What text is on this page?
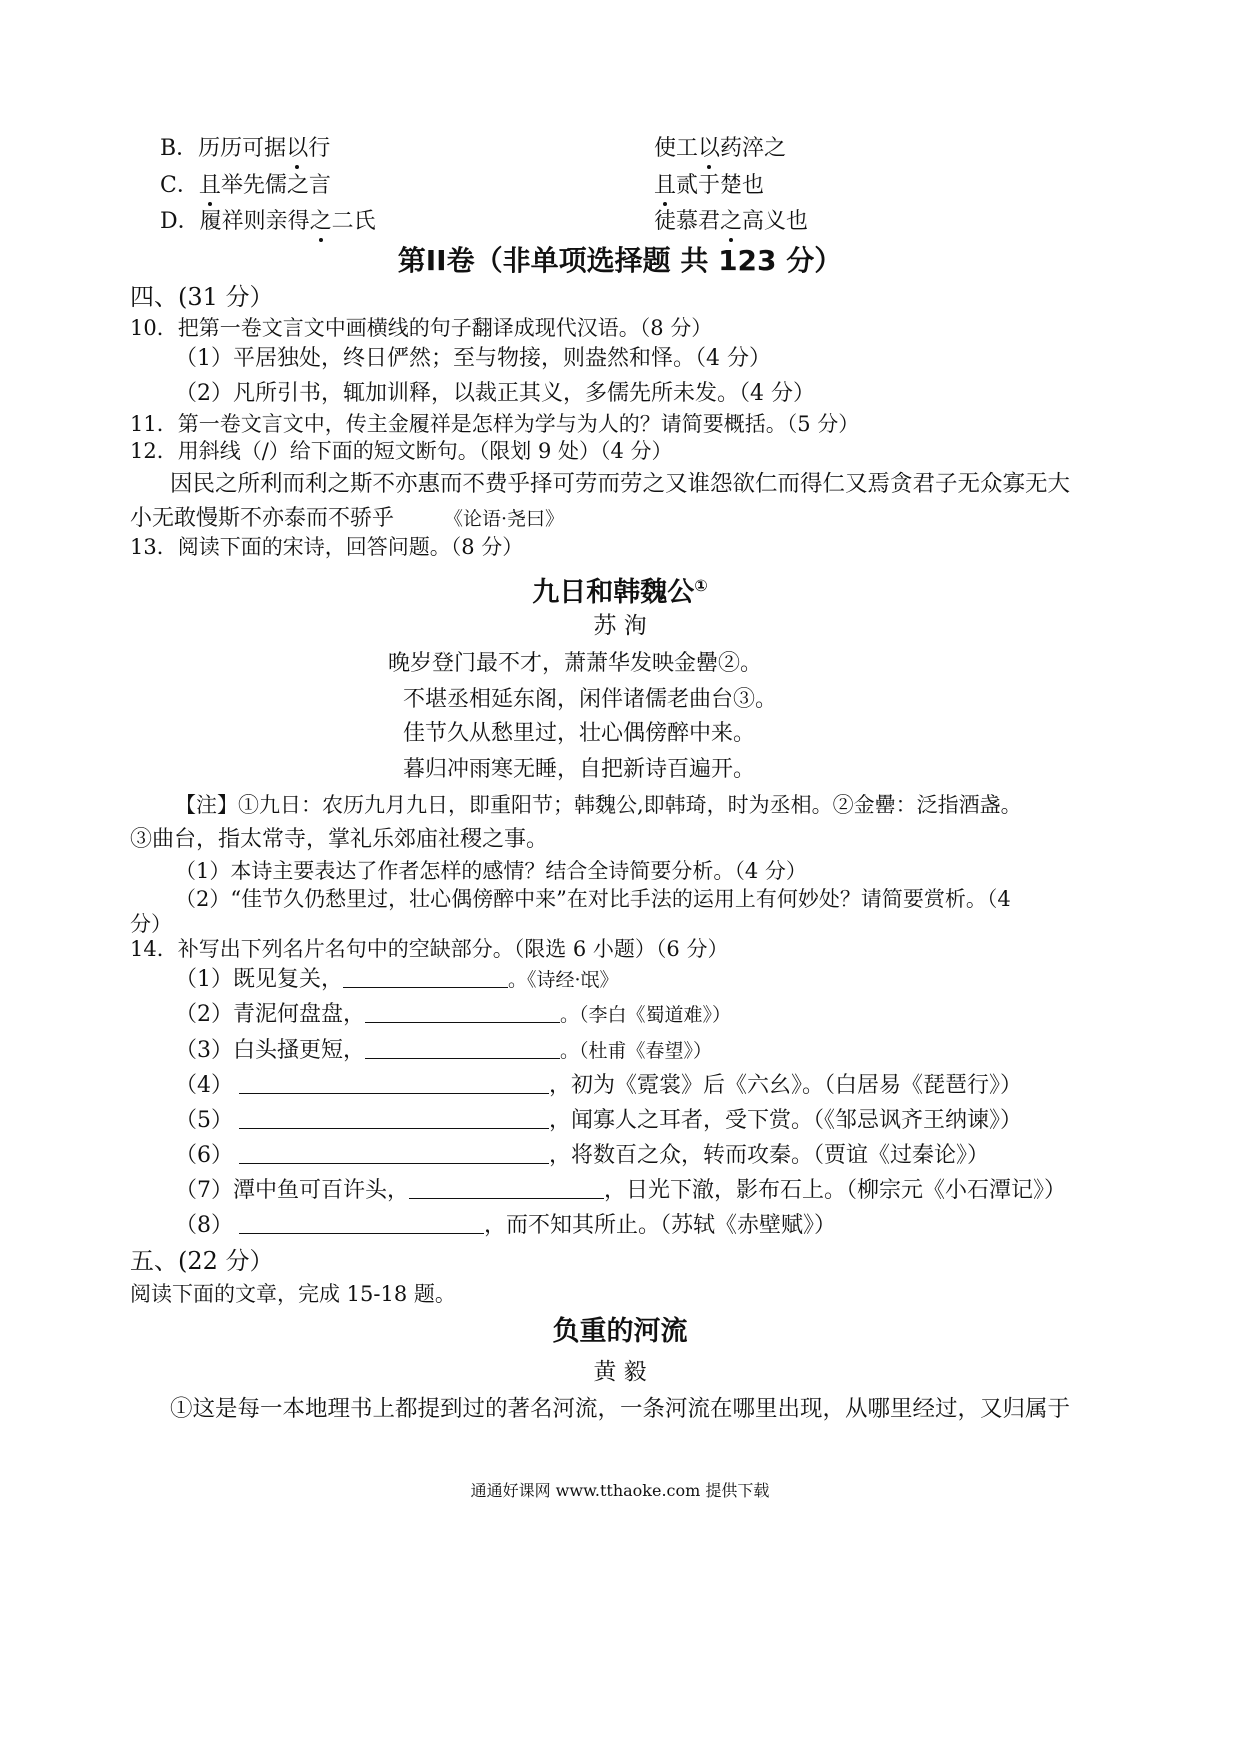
B．历历可据以行	使工以药淬之
C．且举先儒之言	且贰于楚也
D．履祥则亲得之二氏	徒慕君之高义也
第II卷（非单项选择题 共 123 分）
四、(31 分）
10．把第一卷文言文中画横线的句子翻译成现代汉语。（8 分）
（1）平居独处，终日俨然；至与物接，则盎然和怿。（4 分）
（2）凡所引书，辄加训释，以裁正其义，多儒先所未发。（4 分）
11．第一卷文言文中，传主金履祥是怎样为学与为人的？请简要概括。（5 分）
12．用斜线（/）给下面的短文断句。（限划 9 处）（4 分）
因民之所利而利之斯不亦惠而不费乎择可劳而劳之又谁怨欲仁而得仁又焉贪君子无众寡无大
小无敢慢斯不亦泰而不骄乎	《论语·尧曰》
13．阅读下面的宋诗，回答问题。（8 分）
九日和韩魏公①
苏 洵
晚岁登门最不才，萧萧华发映金罍②。
不堪丞相延东阁，闲伴诸儒老曲台③。
佳节久从愁里过，壮心偶傍醉中来。
暮归冲雨寒无睡，自把新诗百遍开。
【注】①九日：农历九月九日，即重阳节；韩魏公,即韩琦，时为丞相。②金罍：泛指酒盏。
③曲台，指太常寺，掌礼乐郊庙社稷之事。
（1）本诗主要表达了作者怎样的感情？结合全诗简要分析。（4 分）
（2）“佳节久仍愁里过，壮心偶傍醉中来”在对比手法的运用上有何妙处？请简要赏析。（4
分）
14．补写出下列名片名句中的空缺部分。（限选 6 小题）（6 分）
（1）既见复关，	。《诗经·氓》
（2）青泥何盘盘，	。（李白《蜀道难》）
（3）白头搔更短，	。（杜甫《春望》）
（4）	，初为《霓裳》后《六幺》。（白居易《琵琶行》）
（5）	，闻寡人之耳者，受下赏。（《邹忌讽齐王纳谏》）
（6）	，将数百之众，转而攻秦。（贾谊《过秦论》）
（7）潭中鱼可百许头，	，日光下澈，影布石上。（柳宗元《小石潭记》）
（8）	，而不知其所止。（苏轼《赤壁赋》）
五、(22 分）
阅读下面的文章，完成 15-18 题。
负重的河流
黄 毅
①这是每一本地理书上都提到过的著名河流，一条河流在哪里出现，从哪里经过，又归属于
通通好课网 www.tthaoke.com 提供下载
